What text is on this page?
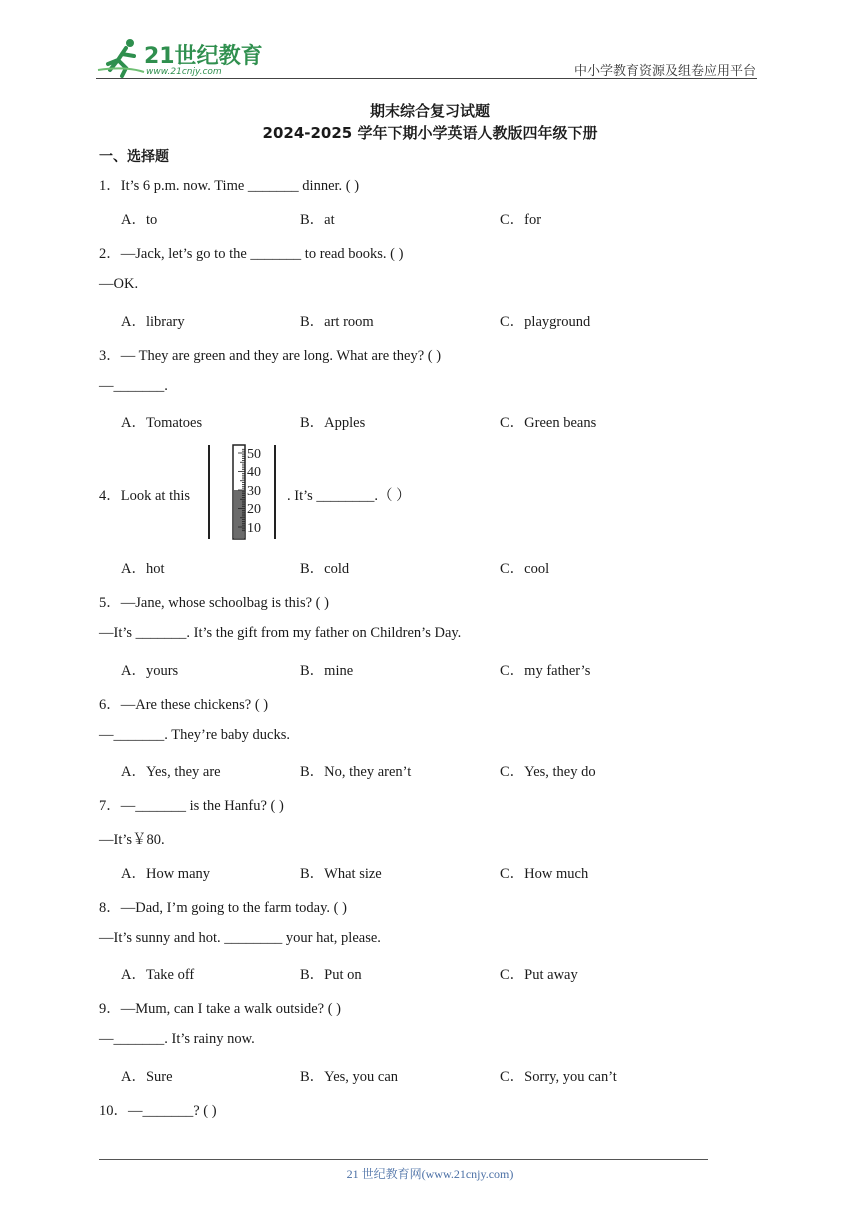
21世纪教育
www.21cnjy.com	中小学教育资源及组卷应用平台
期末综合复习试题
2024-2025 学年下期小学英语人教版四年级下册
一、选择题
1．It’s 6 p.m. now. Time _______ dinner. ( )
A．to	B．at	C．for
2．—Jack, let’s go to the _______ to read books. ( )
—OK.
A．library	B．art room	C．playground
3．— They are green and they are long. What are they? ( )
—_______.
A．Tomatoes	B．Apples	C．Green beans
4．Look at this
50
40
30
20
10
. It’s ________.（ ）
A．hot	B．cold	C．cool
5．—Jane, whose schoolbag is this? ( )
—It’s _______. It’s the gift from my father on Children’s Day.
A．yours	B．mine	C．my father’s
6．—Are these chickens? ( )
—_______. They’re baby ducks.
A．Yes, they are	B．No, they aren’t	C．Yes, they do
7．—_______ is the Hanfu? ( )
—It’s￥80.
A．How many	B．What size	C．How much
8．—Dad, I’m going to the farm today. ( )
—It’s sunny and hot. ________ your hat, please.
A．Take off	B．Put on	C．Put away
9．—Mum, can I take a walk outside? ( )
—_______. It’s rainy now.
A．Sure	B．Yes, you can	C．Sorry, you can’t
10．—_______? ( )
21 世纪教育网(www.21cnjy.com)
